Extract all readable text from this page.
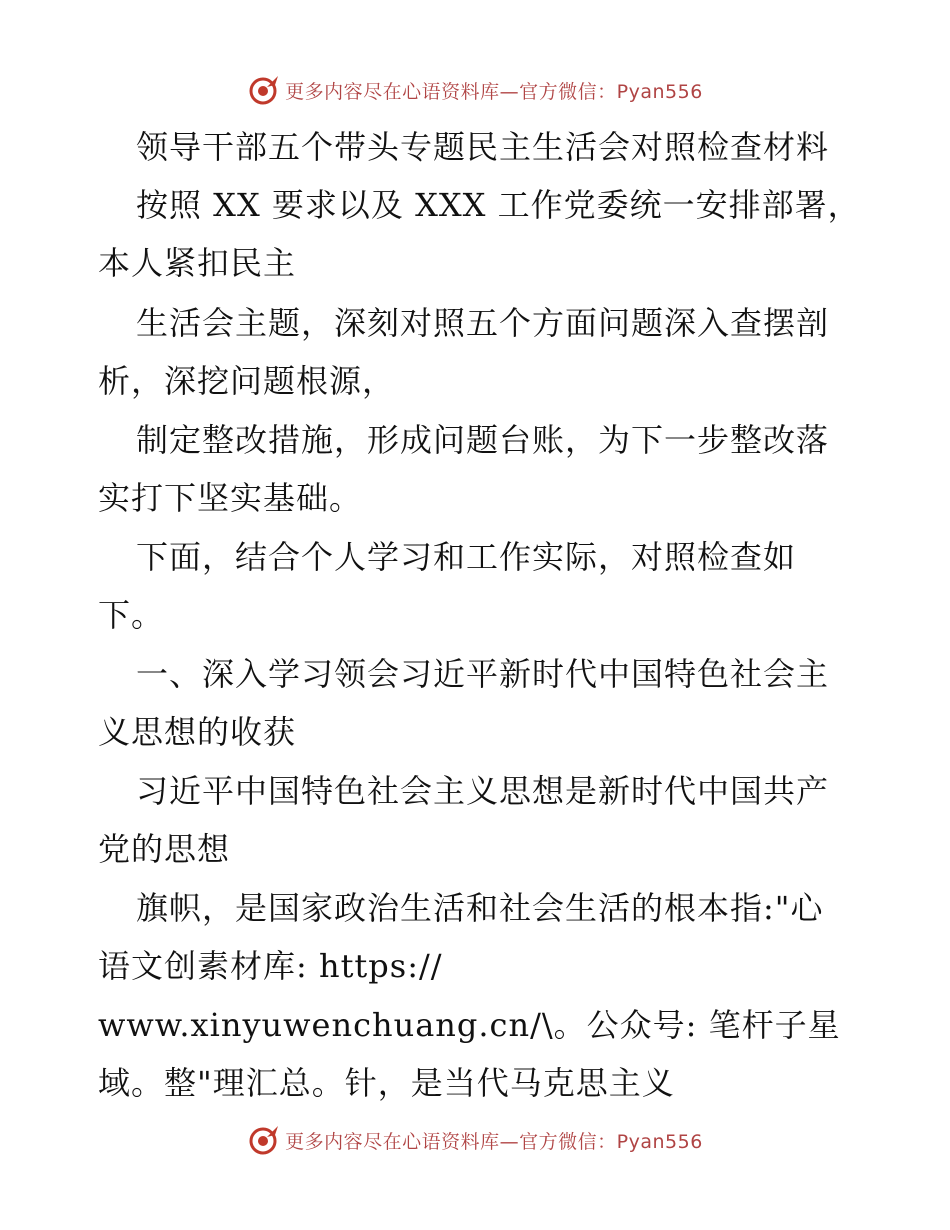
更多内容尽在心语资料库—官方微信：Pyan556
领导干部五个带头专题民主生活会对照检查材料
按照 XX 要求以及 XXX 工作党委统一安排部署，
本人紧扣民主
生活会主题，深刻对照五个方面问题深入查摆剖
析，深挖问题根源，
制定整改措施，形成问题台账，为下一步整改落
实打下坚实基础。
下面，结合个人学习和工作实际，对照检查如
下。
一、深入学习领会习近平新时代中国特色社会主
义思想的收获
习近平中国特色社会主义思想是新时代中国共产
党的思想
旗帜，是国家政治生活和社会生活的根本指:"心
语文创素材库: https://
www.xinyuwenchuang.cn/\。公众号: 笔杆子星
域。整"理汇总。针，是当代马克思主义
更多内容尽在心语资料库—官方微信：Pyan556
